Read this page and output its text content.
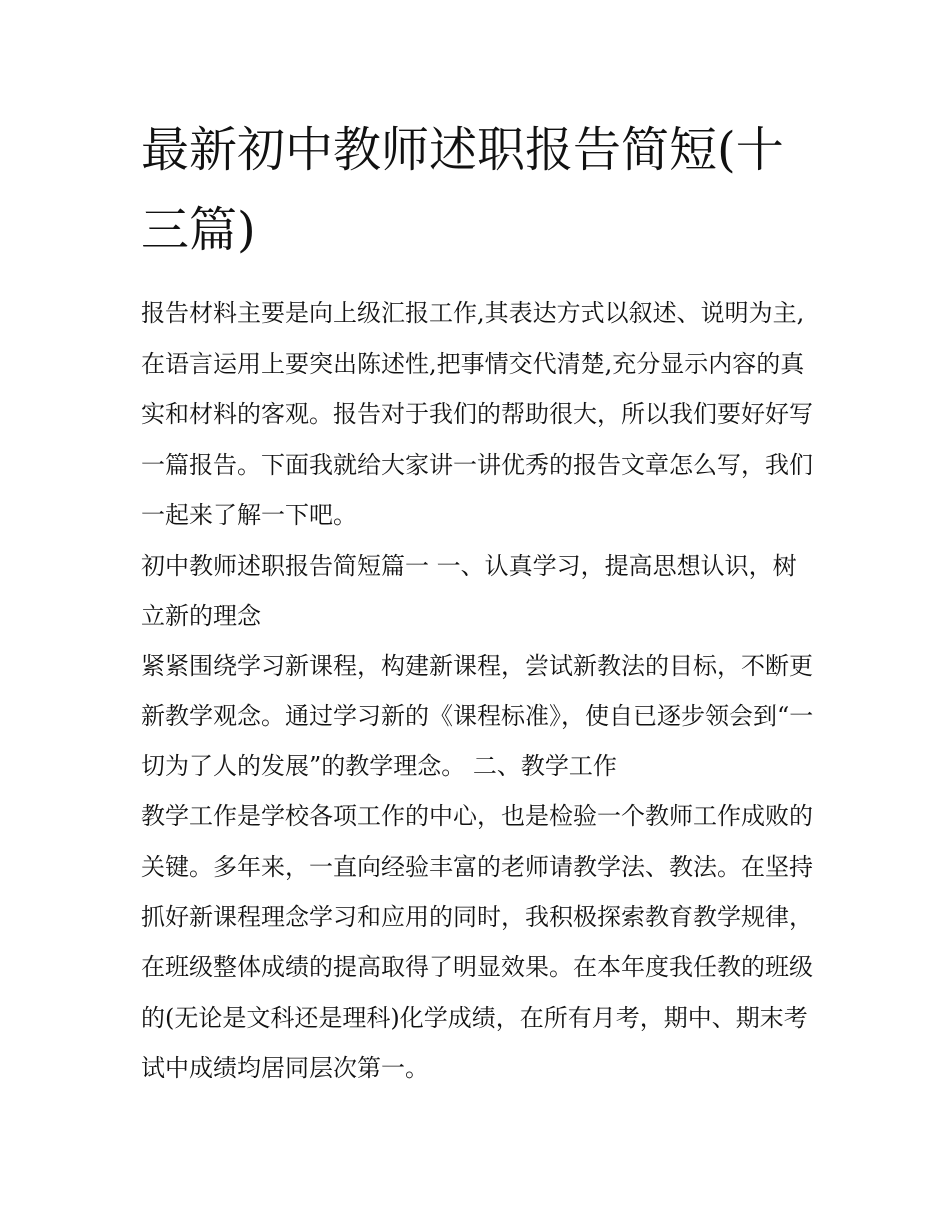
最新初中教师述职报告简短(十三篇)

报告材料主要是向上级汇报工作,其表达方式以叙述、说明为主,在语言运用上要突出陈述性,把事情交代清楚,充分显示内容的真实和材料的客观。报告对于我们的帮助很大，所以我们要好好写一篇报告。下面我就给大家讲一讲优秀的报告文章怎么写，我们一起来了解一下吧。

初中教师述职报告简短篇一 一、认真学习，提高思想认识，树立新的理念

紧紧围绕学习新课程，构建新课程，尝试新教法的目标，不断更新教学观念。通过学习新的《课程标准》，使自已逐步领会到“一切为了人的发展”的教学理念。 二、教学工作

教学工作是学校各项工作的中心，也是检验一个教师工作成败的关键。多年来，一直向经验丰富的老师请教学法、教法。在坚持抓好新课程理念学习和应用的同时，我积极探索教育教学规律，在班级整体成绩的提高取得了明显效果。在本年度我任教的班级的(无论是文科还是理科)化学成绩，在所有月考，期中、期末考试中成绩均居同层次第一。
